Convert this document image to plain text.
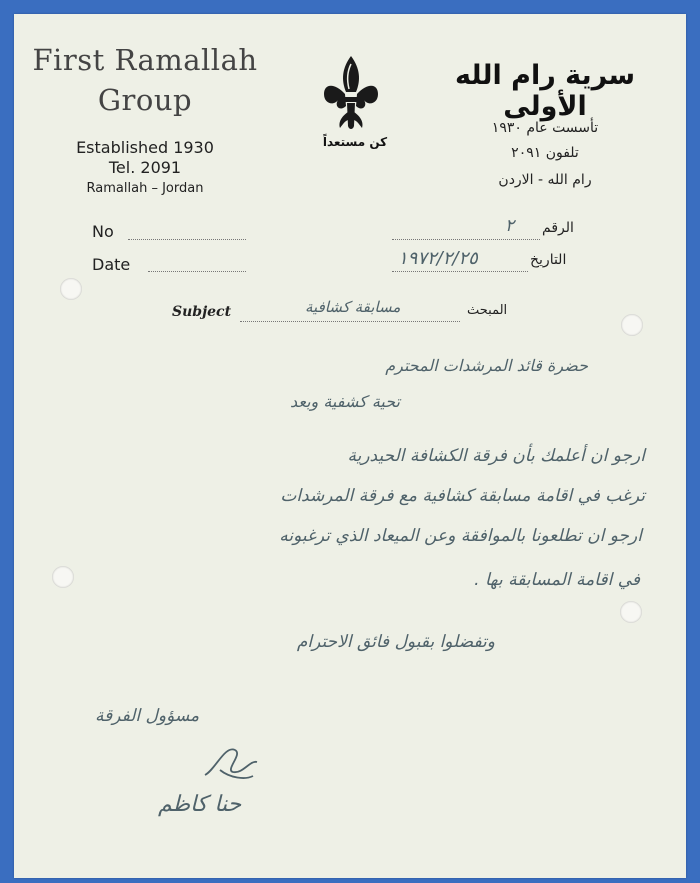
First Ramallah
Group
Established 1930
Tel. 2091
Ramallah – Jordan
كن مستعداً
سرية رام الله الأولى
تأسست عام ١٩٣٠
تلفون ٢٠٩١
رام الله - الاردن
No
Date
الرقم
٢
التاريخ
١٩٧٢/٢/٢٥
Subject	المبحث
مسابقة كشافية
حضرة قائد المرشدات المحترم
تحية كشفية وبعد
ارجو ان أعلمك بأن فرقة الكشافة الحيدرية
ترغب في اقامة مسابقة كشافية مع فرقة المرشدات
ارجو ان تطلعونا بالموافقة وعن الميعاد الذي ترغبونه
في اقامة المسابقة بها .
وتفضلوا بقبول فائق الاحترام
مسؤول الفرقة
حنا كاظم
